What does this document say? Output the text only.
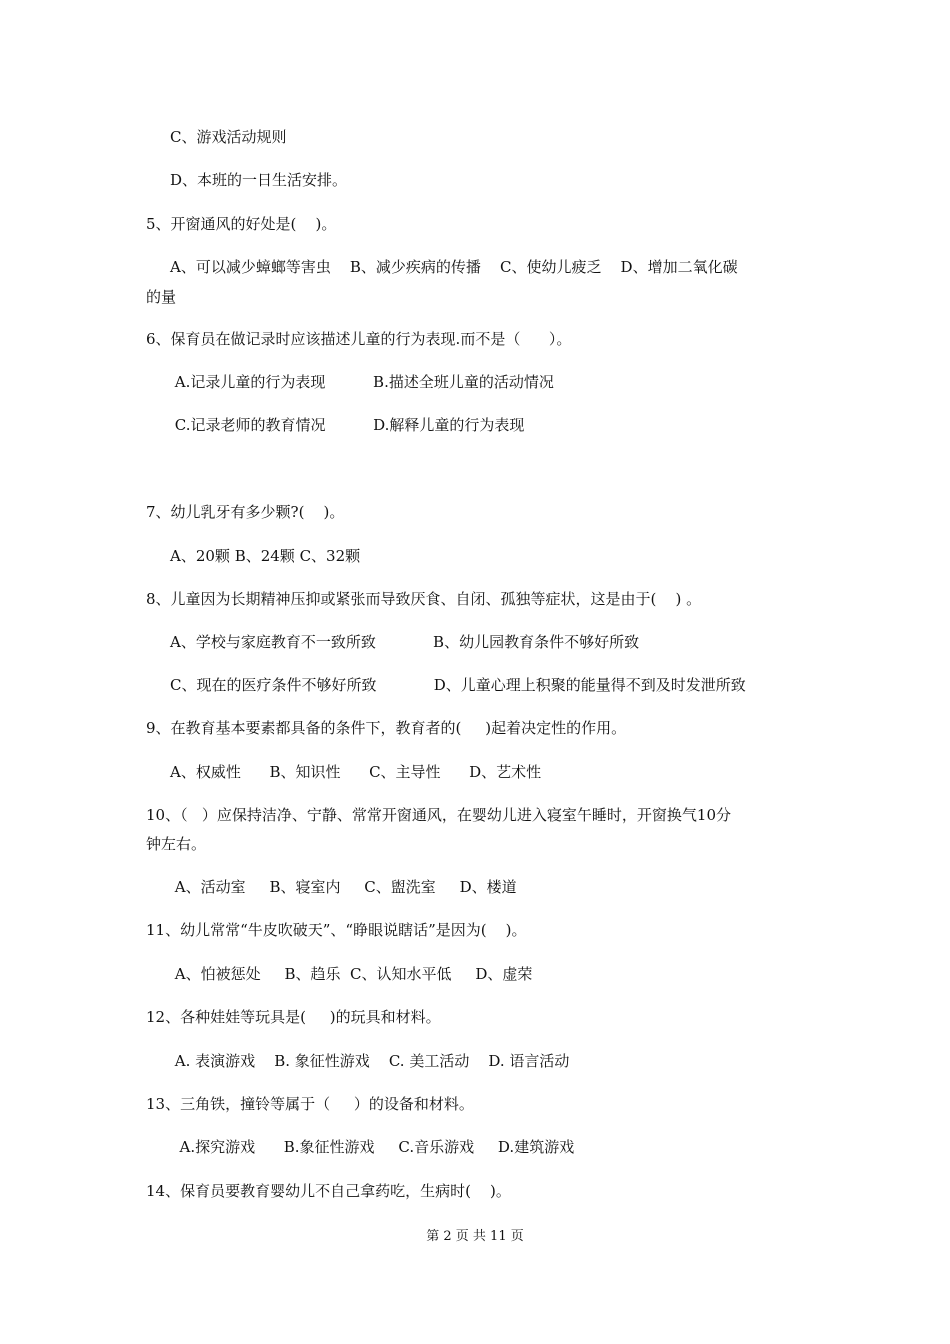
C、游戏活动规则
D、本班的一日生活安排。
5、开窗通风的好处是(    )。
A、可以减少蟑螂等害虫    B、减少疾病的传播    C、使幼儿疲乏    D、增加二氧化碳
的量
6、保育员在做记录时应该描述儿童的行为表现.而不是（      ）。
A.记录儿童的行为表现          B.描述全班儿童的活动情况
C.记录老师的教育情况          D.解释儿童的行为表现
7、幼儿乳牙有多少颗?(    )。
A、20颗 B、24颗 C、32颗
8、儿童因为长期精神压抑或紧张而导致厌食、自闭、孤独等症状，这是由于(    ) 。
A、学校与家庭教育不一致所致            B、幼儿园教育条件不够好所致
C、现在的医疗条件不够好所致            D、儿童心理上积聚的能量得不到及时发泄所致
9、在教育基本要素都具备的条件下，教育者的(     )起着决定性的作用。
A、权威性      B、知识性      C、主导性      D、艺术性
10、（   ）应保持洁净、宁静、常常开窗通风，在婴幼儿进入寝室午睡时，开窗换气10分
钟左右。
A、活动室     B、寝室内     C、盥洗室     D、楼道
11、幼儿常常“牛皮吹破天”、“睁眼说瞎话”是因为(    )。
A、怕被惩处     B、趋乐  C、认知水平低     D、虚荣
12、各种娃娃等玩具是(     )的玩具和材料。
A. 表演游戏    B. 象征性游戏    C. 美工活动    D. 语言活动
13、三角铁，撞铃等属于（     ）的设备和材料。
A.探究游戏      B.象征性游戏     C.音乐游戏     D.建筑游戏
14、保育员要教育婴幼儿不自己拿药吃，生病时(    )。
第 2 页 共 11 页
